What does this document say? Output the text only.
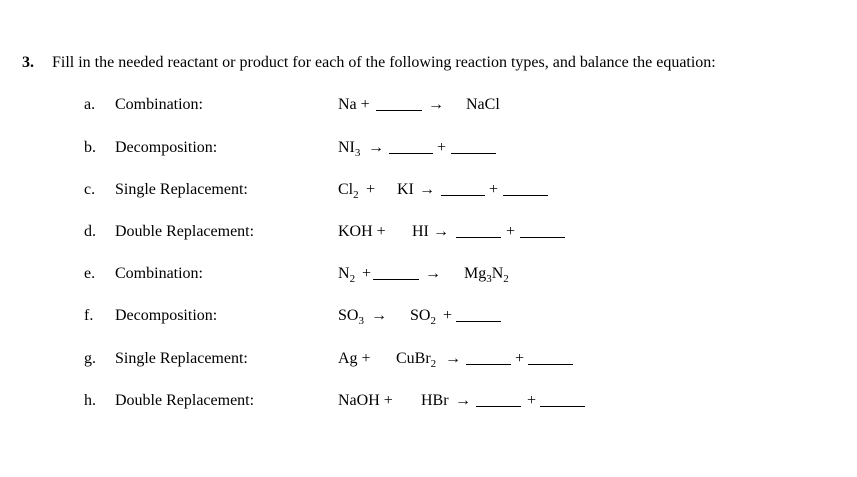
3. Fill in the needed reactant or product for each of the following reaction types, and balance the equation:
a. Combination:	Na +	→ NaCl
b. Decomposition:	$NI_3$ →	+
c. Single Replacement:	$Cl_2$ + KI →	+
d. Double Replacement:	KOH + HI →	+
e. Combination:	$N_2$ +	→ $Mg_3N_2$
f. Decomposition:	$SO_3 \to SO_2$ +
g. Single Replacement:	Ag + CuBr$_2$ →	+
h. Double Replacement:	NaOH + HBr →	+
